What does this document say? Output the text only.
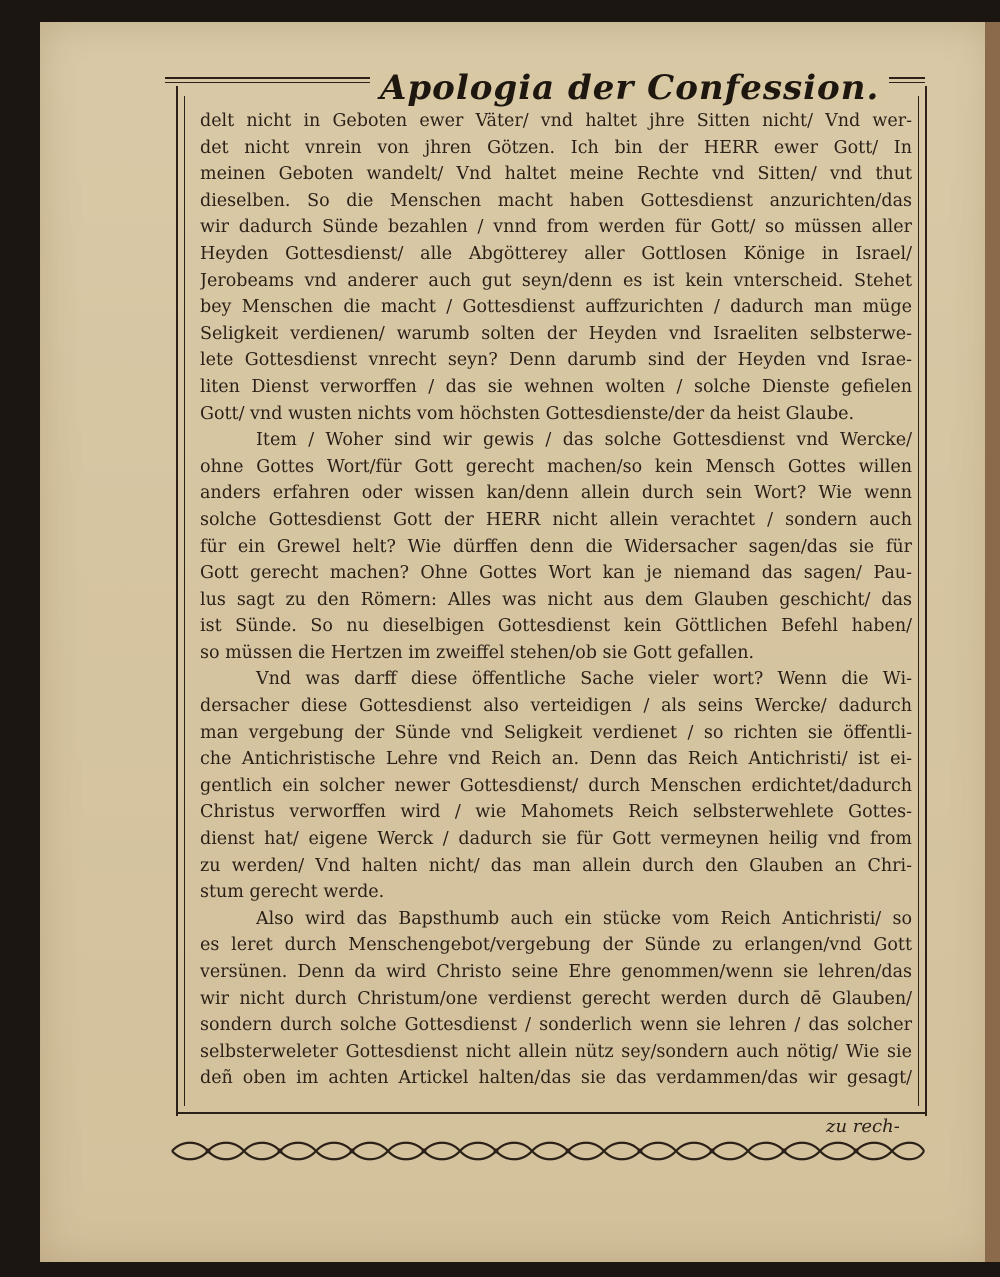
Apologia der Confession.
delt nicht in Geboten ewer Väter/ vnd haltet jhre Sitten nicht/ Vnd wer-
det nicht vnrein von jhren Götzen. Ich bin der HERR ewer Gott/ In
meinen Geboten wandelt/ Vnd haltet meine Rechte vnd Sitten/ vnd thut
dieselben. So die Menschen macht haben Gottesdienst anzurichten/das
wir dadurch Sünde bezahlen / vnnd from werden für Gott/ so müssen aller
Heyden Gottesdienst/ alle Abgötterey aller Gottlosen Könige in Israel/
Jerobeams vnd anderer auch gut seyn/denn es ist kein vnterscheid. Stehet
bey Menschen die macht / Gottesdienst auffzurichten / dadurch man müge
Seligkeit verdienen/ warumb solten der Heyden vnd Israeliten selbsterwe-
lete Gottesdienst vnrecht seyn? Denn darumb sind der Heyden vnd Israe-
liten Dienst verworffen / das sie wehnen wolten / solche Dienste gefielen
Gott/ vnd wusten nichts vom höchsten Gottesdienste/der da heist Glaube.
Item / Woher sind wir gewis / das solche Gottesdienst vnd Wercke/
ohne Gottes Wort/für Gott gerecht machen/so kein Mensch Gottes willen
anders erfahren oder wissen kan/denn allein durch sein Wort? Wie wenn
solche Gottesdienst Gott der HERR nicht allein verachtet / sondern auch
für ein Grewel helt? Wie dürffen denn die Widersacher sagen/das sie für
Gott gerecht machen? Ohne Gottes Wort kan je niemand das sagen/ Pau-
lus sagt zu den Römern: Alles was nicht aus dem Glauben geschicht/ das
ist Sünde. So nu dieselbigen Gottesdienst kein Göttlichen Befehl haben/
so müssen die Hertzen im zweiffel stehen/ob sie Gott gefallen.
Vnd was darff diese öffentliche Sache vieler wort? Wenn die Wi-
dersacher diese Gottesdienst also verteidigen / als seins Wercke/ dadurch
man vergebung der Sünde vnd Seligkeit verdienet / so richten sie öffentli-
che Antichristische Lehre vnd Reich an. Denn das Reich Antichristi/ ist ei-
gentlich ein solcher newer Gottesdienst/ durch Menschen erdichtet/dadurch
Christus verworffen wird / wie Mahomets Reich selbsterwehlete Gottes-
dienst hat/ eigene Werck / dadurch sie für Gott vermeynen heilig vnd from
zu werden/ Vnd halten nicht/ das man allein durch den Glauben an Chri-
stum gerecht werde.
Also wird das Bapsthumb auch ein stücke vom Reich Antichristi/ so
es leret durch Menschengebot/vergebung der Sünde zu erlangen/vnd Gott
versünen. Denn da wird Christo seine Ehre genommen/wenn sie lehren/das
wir nicht durch Christum/one verdienst gerecht werden durch dē Glauben/
sondern durch solche Gottesdienst / sonderlich wenn sie lehren / das solcher
selbsterweleter Gottesdienst nicht allein nütz sey/sondern auch nötig/ Wie sie
deñ oben im achten Artickel halten/das sie das verdammen/das wir gesagt/
zu rech-
